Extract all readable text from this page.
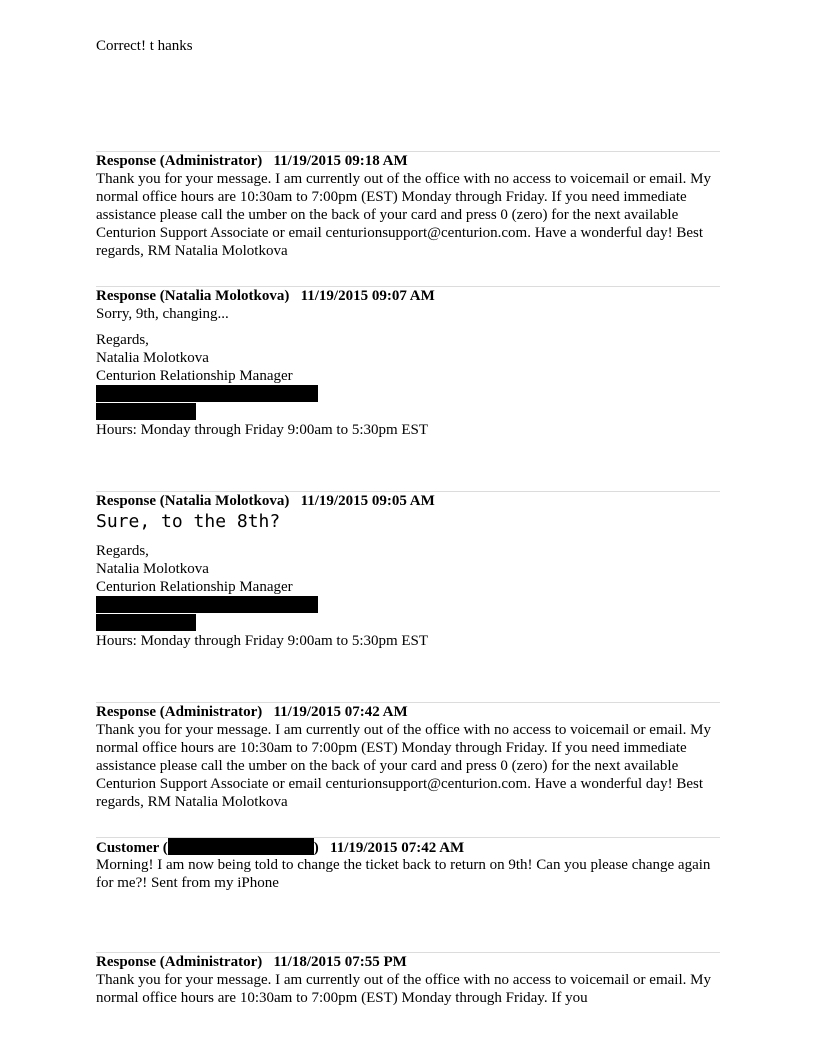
Correct! t hanks
Response (Administrator)   11/19/2015 09:18 AM

Thank you for your message. I am currently out of the office with no access to voicemail or email. My normal office hours are 10:30am to 7:00pm (EST) Monday through Friday. If you need immediate assistance please call the umber on the back of your card and press 0 (zero) for the next available Centurion Support Associate or email centurionsupport@centurion.com. Have a wonderful day! Best regards, RM Natalia Molotkova

Response (Natalia Molotkova)   11/19/2015 09:07 AM
Sorry, 9th, changing...
Regards,
Natalia Molotkova
Centurion Relationship Manager
Hours: Monday through Friday 9:00am to 5:30pm EST
Response (Natalia Molotkova)   11/19/2015 09:05 AM
Sure, to the 8th?
Regards,
Natalia Molotkova
Centurion Relationship Manager
Hours: Monday through Friday 9:00am to 5:30pm EST
Response (Administrator)   11/19/2015 07:42 AM

Thank you for your message. I am currently out of the office with no access to voicemail or email. My normal office hours are 10:30am to 7:00pm (EST) Monday through Friday. If you need immediate assistance please call the umber on the back of your card and press 0 (zero) for the next available Centurion Support Associate or email centurionsupport@centurion.com. Have a wonderful day! Best regards, RM Natalia Molotkova

Customer (	)   11/19/2015 07:42 AM

Morning! I am now being told to change the ticket back to return on 9th! Can you please change again for me?! Sent from my iPhone

Response (Administrator)   11/18/2015 07:55 PM

Thank you for your message. I am currently out of the office with no access to voicemail or email. My normal office hours are 10:30am to 7:00pm (EST) Monday through Friday. If you
